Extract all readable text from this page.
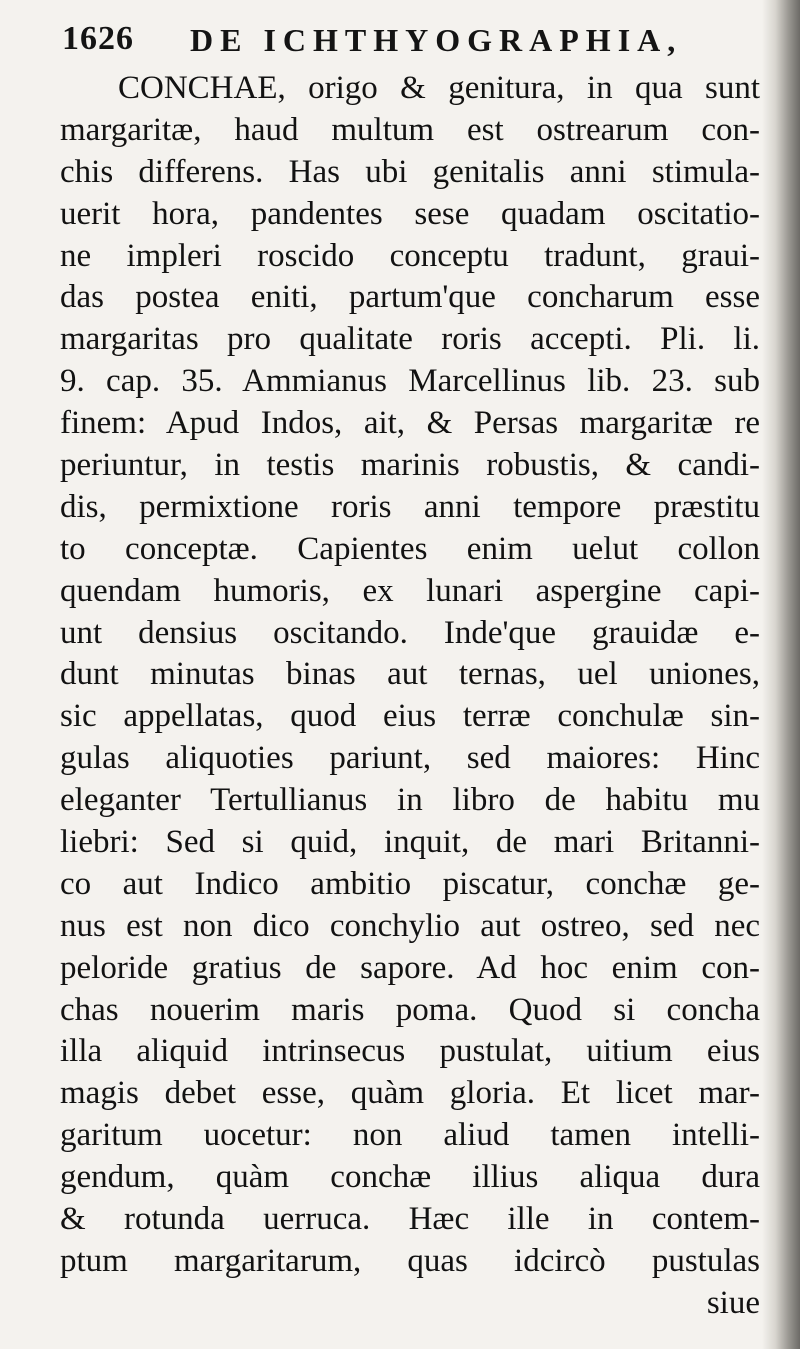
1626 DE ICHTHYOGRAPHIA,
CONCHAE, origo & genitura, in qua sunt
margaritæ, haud multum est ostrearum con-
chis differens. Has ubi genitalis anni stimula-
uerit hora, pandentes sese quadam oscitatio-
ne impleri roscido conceptu tradunt, graui-
das postea eniti, partum'que concharum esse
margaritas pro qualitate roris accepti. Pli. li.
9. cap. 35. Ammianus Marcellinus lib. 23. sub
finem: Apud Indos, ait, & Persas margaritæ re
periuntur, in testis marinis robustis, & candi-
dis, permixtione roris anni tempore præstitu
to conceptæ. Capientes enim uelut collon
quendam humoris, ex lunari aspergine capi-
unt densius oscitando. Inde'que grauidæ e-
dunt minutas binas aut ternas, uel uniones,
sic appellatas, quod eius terræ conchulæ sin-
gulas aliquoties pariunt, sed maiores: Hinc
eleganter Tertullianus in libro de habitu mu
liebri: Sed si quid, inquit, de mari Britanni-
co aut Indico ambitio piscatur, conchæ ge-
nus est non dico conchylio aut ostreo, sed nec
peloride gratius de sapore. Ad hoc enim con-
chas nouerim maris poma. Quod si concha
illa aliquid intrinsecus pustulat, uitium eius
magis debet esse, quàm gloria. Et licet mar-
garitum uocetur: non aliud tamen intelli-
gendum, quàm conchæ illius aliqua dura
& rotunda uerruca. Hæc ille in contem-
ptum margaritarum, quas idcircò pustulas
siue
